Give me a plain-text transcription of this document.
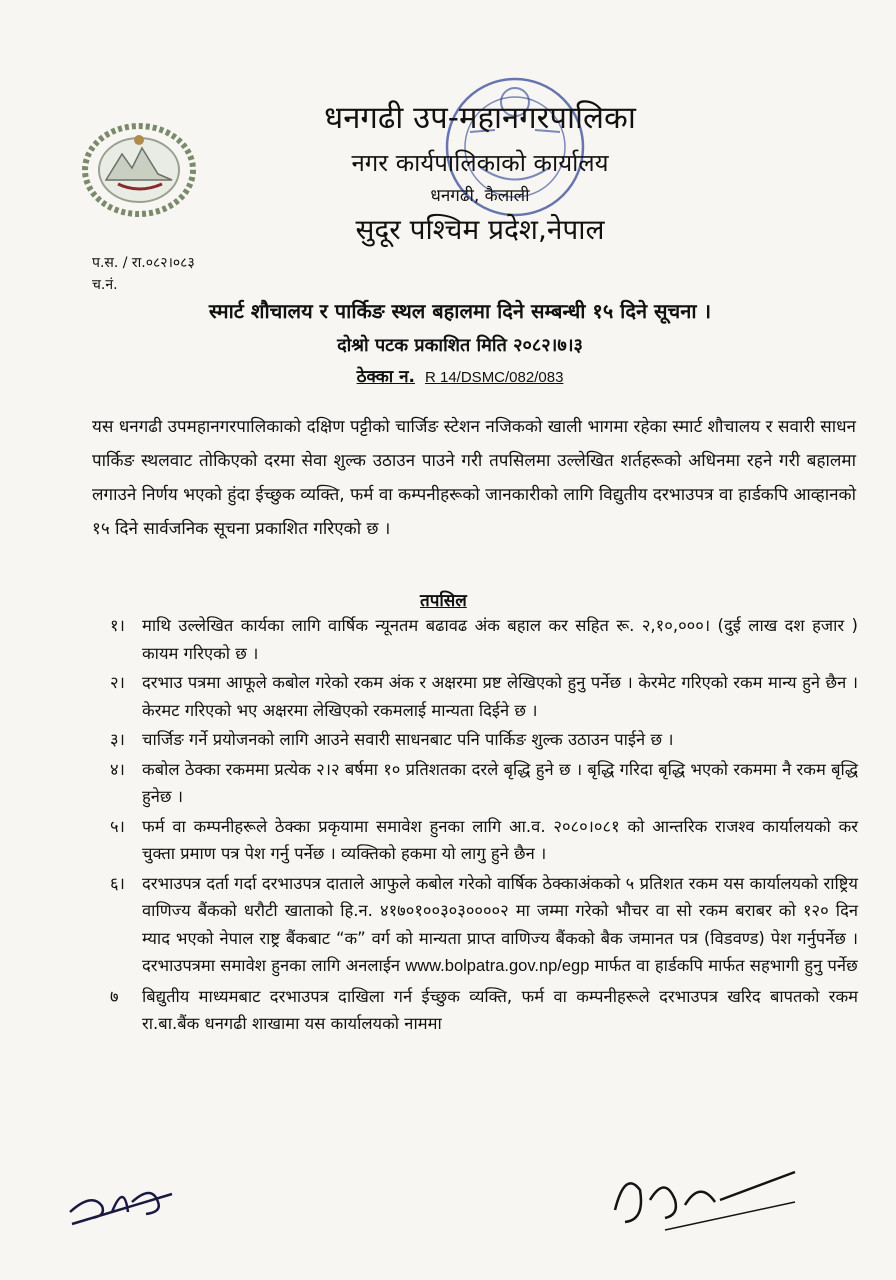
धनगढी उप-महानगरपालिका
नगर कार्यपालिकाको कार्यालय
धनगढी, कैलाली
सुदूर पश्चिम प्रदेश,नेपाल
प.स. / रा.०८२।०८३
च.नं.
स्मार्ट शौचालय र पार्किङ स्थल बहालमा दिने सम्बन्धी १५ दिने सूचना ।
दोश्रो पटक प्रकाशित मिति २०८२।७।३
ठेक्का न. R 14/DSMC/082/083
यस धनगढी उपमहानगरपालिकाको दक्षिण पट्टीको चार्जिङ स्टेशन नजिकको खाली भागमा रहेका स्मार्ट शौचालय र सवारी साधन पार्किङ स्थलवाट तोकिएको दरमा सेवा शुल्क उठाउन पाउने गरी तपसिलमा उल्लेखित शर्तहरूको अधिनमा रहने गरी बहालमा लगाउने निर्णय भएको हुंदा ईच्छुक व्यक्ति, फर्म वा कम्पनीहरूको जानकारीको लागि विद्युतीय दरभाउपत्र वा हार्डकपि आव्हानको १५ दिने सार्वजनिक सूचना प्रकाशित गरिएको छ ।
तपसिल
१।	माथि उल्लेखित कार्यका लागि वार्षिक न्यूनतम बढावढ अंक बहाल कर सहित रू. २,१०,०००। (दुई लाख दश हजार ) कायम गरिएको छ ।
२।	दरभाउ पत्रमा आफूले कबोल गरेको रकम अंक र अक्षरमा प्रष्ट लेखिएको हुनु पर्नेछ । केरमेट गरिएको रकम मान्य हुने छैन । केरमट गरिएको भए अक्षरमा लेखिएको रकमलाई मान्यता दिईने छ ।
३।	चार्जिङ गर्ने प्रयोजनको लागि आउने सवारी साधनबाट पनि पार्किङ शुल्क उठाउन पाईने छ ।
४।	कबोल ठेक्का रकममा प्रत्येक २।२ बर्षमा १० प्रतिशतका दरले बृद्धि हुने छ । बृद्धि गरिदा बृद्धि भएको रकममा नै रकम बृद्धि हुनेछ ।
५।	फर्म वा कम्पनीहरूले ठेक्का प्रकृयामा समावेश हुनका लागि आ.व. २०८०।०८१ को आन्तरिक राजश्व कार्यालयको कर चुक्ता प्रमाण पत्र पेश गर्नु पर्नेछ । व्यक्तिको हकमा यो लागु हुने छैन ।
६।	दरभाउपत्र दर्ता गर्दा दरभाउपत्र दाताले आफुले कबोल गरेको वार्षिक ठेक्काअंकको ५ प्रतिशत रकम यस कार्यालयको राष्ट्रिय वाणिज्य बैंकको धरौटी खाताको हि.न. ४१७०१००३०३००००२ मा जम्मा गरेको भौचर वा सो रकम बराबर को १२० दिन म्याद भएको नेपाल राष्ट्र बैंकबाट “क” वर्ग को मान्यता प्राप्त वाणिज्य बैंकको बैक जमानत पत्र (विडवण्ड) पेश गर्नुपर्नेछ ।दरभाउपत्रमा समावेश हुनका लागि अनलाईन www.bolpatra.gov.np/egp मार्फत वा हार्डकपि मार्फत सहभागी हुनु पर्नेछ
७	बिद्युतीय माध्यमबाट दरभाउपत्र दाखिला गर्न ईच्छुक व्यक्ति, फर्म वा कम्पनीहरूले दरभाउपत्र खरिद बापतको रकम रा.बा.बैंक धनगढी शाखामा यस कार्यालयको नाममा
